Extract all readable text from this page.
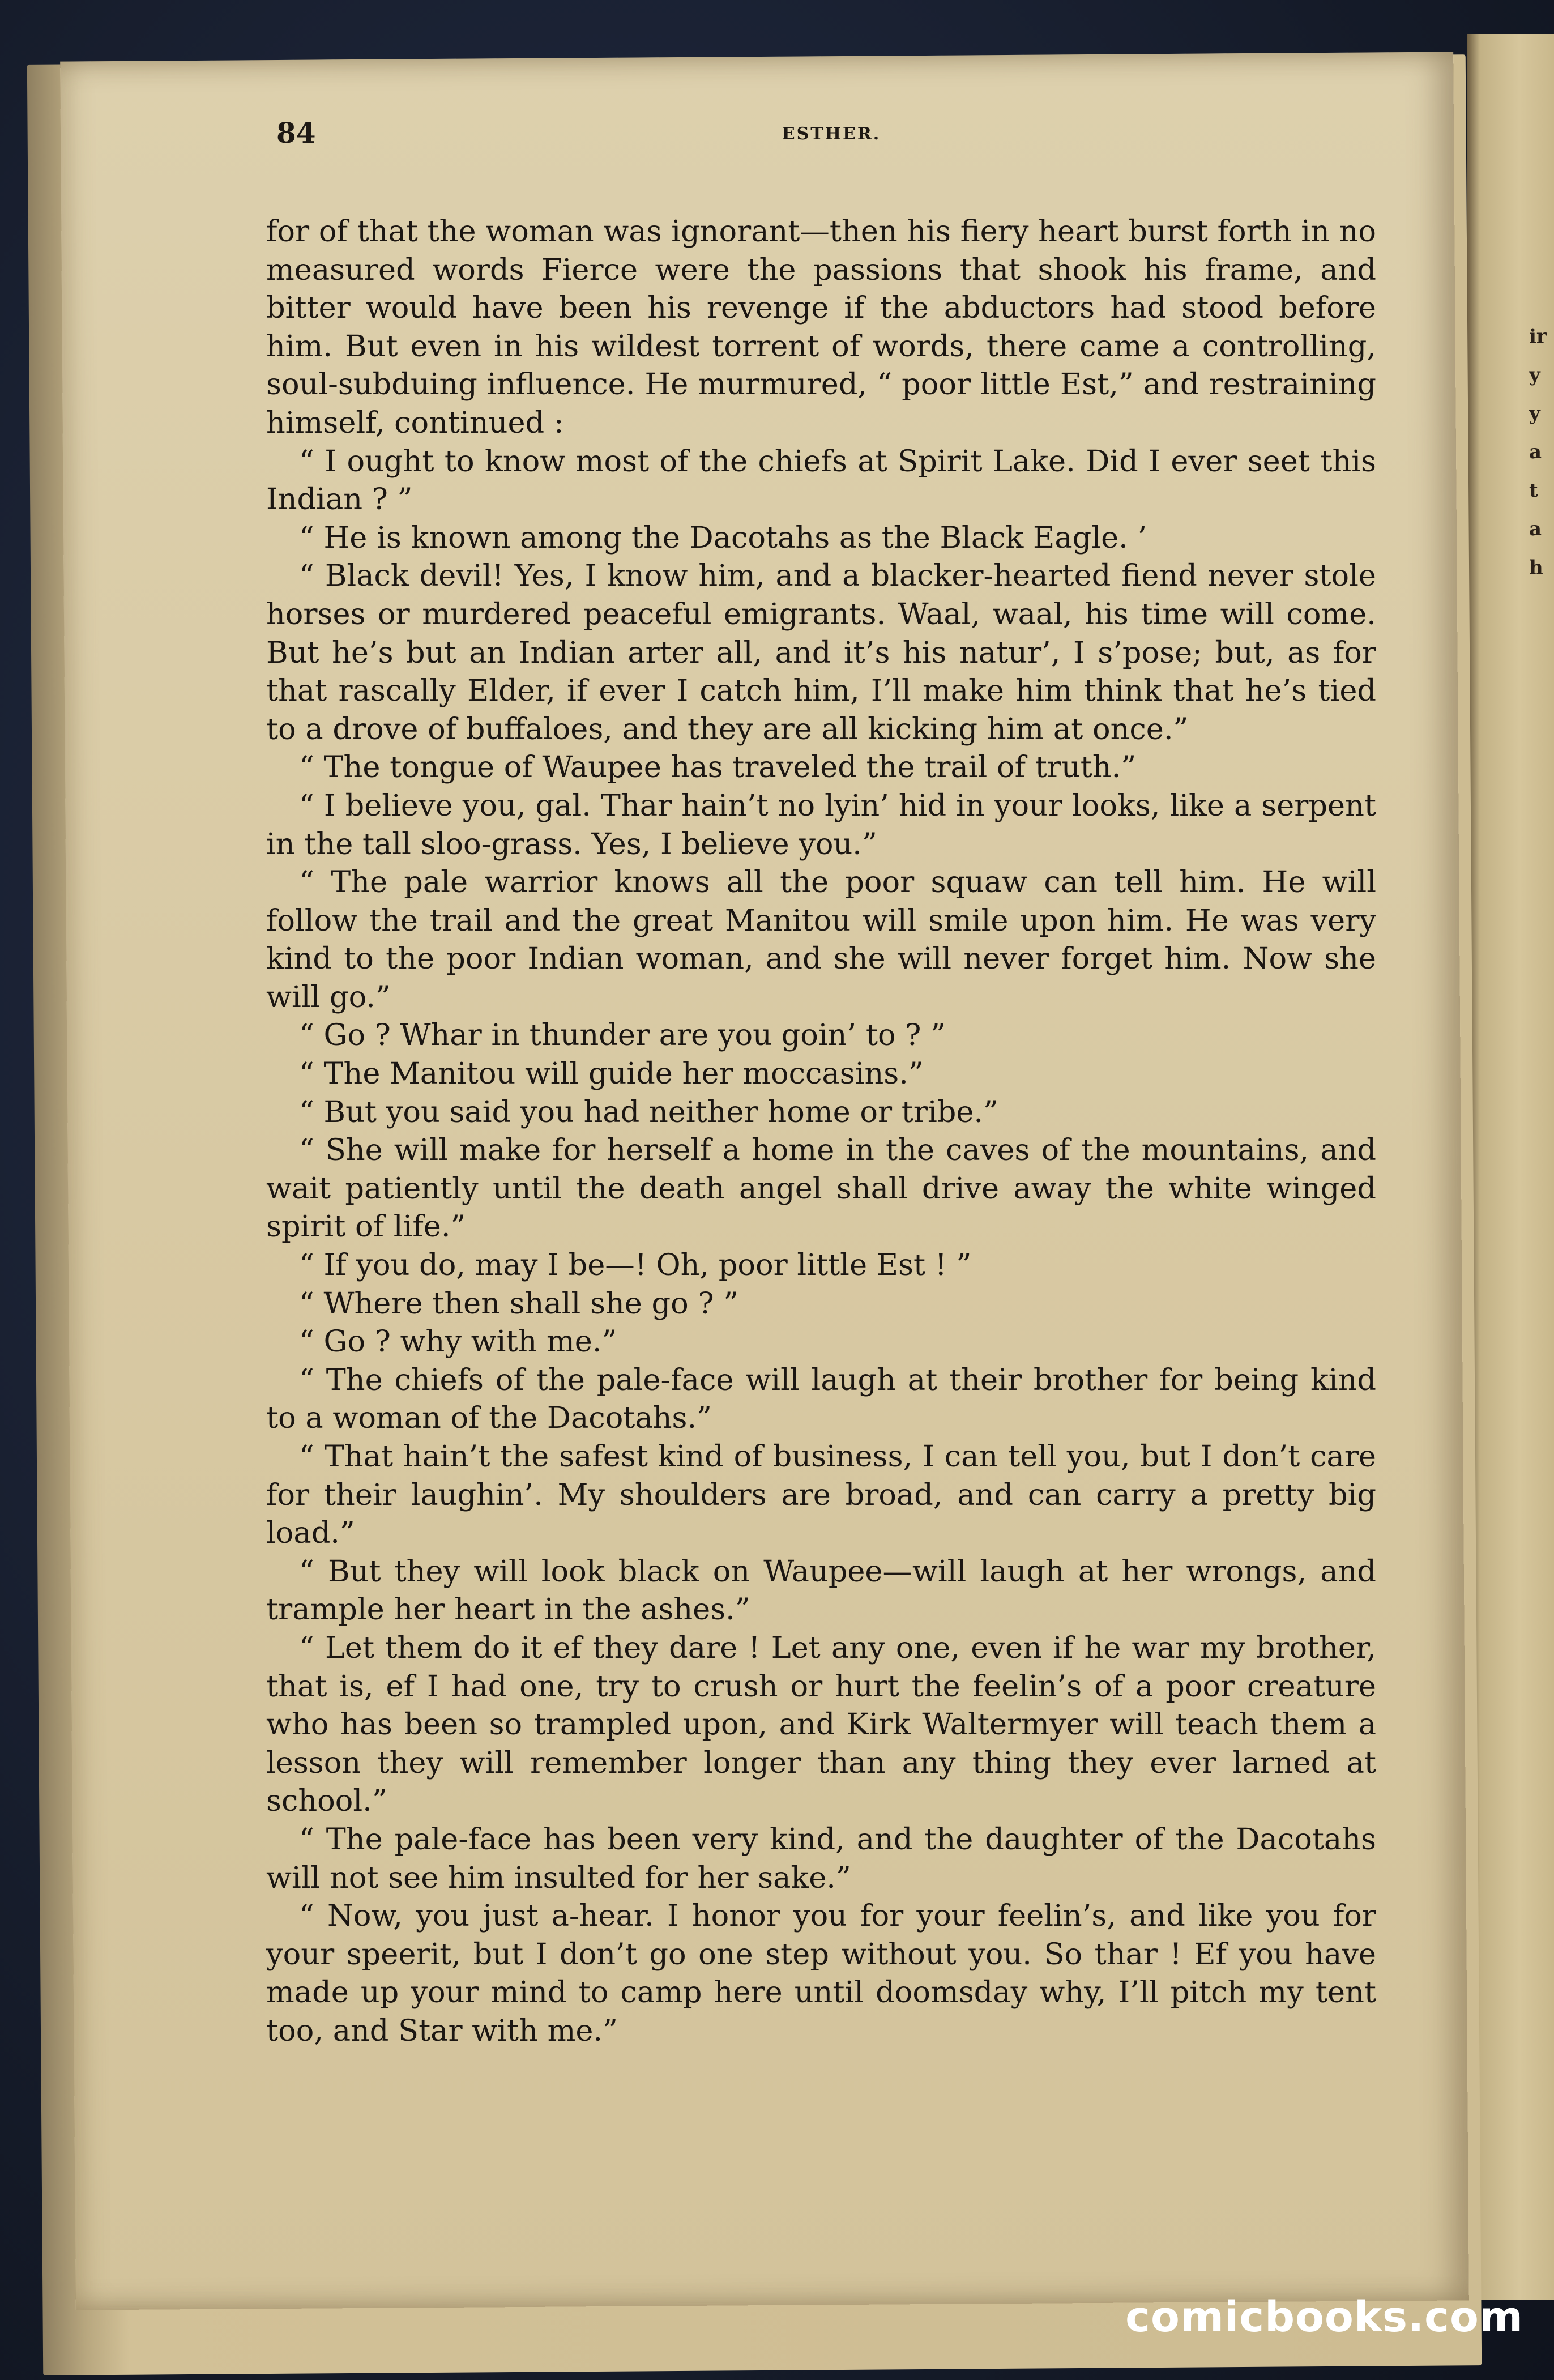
ir
y
y
a
t
a
h
84	ESTHER.

for of that the woman was ignorant—then his fiery heart burst forth in no measured words Fierce were the passions that shook his frame, and bitter would have been his revenge if the abductors had stood before him. But even in his wildest torrent of words, there came a controlling, soul-subduing influence. He murmured, “ poor little Est,” and restraining himself, continued :

“ I ought to know most of the chiefs at Spirit Lake. Did I ever seet this Indian ? ”

“ He is known among the Dacotahs as the Black Eagle. ’

“ Black devil! Yes, I know him, and a blacker-hearted fiend never stole horses or murdered peaceful emigrants. Waal, waal, his time will come. But he’s but an Indian arter all, and it’s his natur’, I s’pose; but, as for that rascally Elder, if ever I catch him, I’ll make him think that he’s tied to a drove of buffaloes, and they are all kicking him at once.”

“ The tongue of Waupee has traveled the trail of truth.”

“ I believe you, gal. Thar hain’t no lyin’ hid in your looks, like a serpent in the tall sloo-grass. Yes, I believe you.”

“ The pale warrior knows all the poor squaw can tell him. He will follow the trail and the great Manitou will smile upon him. He was very kind to the poor Indian woman, and she will never forget him. Now she will go.”

“ Go ? Whar in thunder are you goin’ to ? ”

“ The Manitou will guide her moccasins.”

“ But you said you had neither home or tribe.”

“ She will make for herself a home in the caves of the mountains, and wait patiently until the death angel shall drive away the white winged spirit of life.”

“ If you do, may I be—! Oh, poor little Est ! ”

“ Where then shall she go ? ”

“ Go ? why with me.”

“ The chiefs of the pale-face will laugh at their brother for being kind to a woman of the Dacotahs.”

“ That hain’t the safest kind of business, I can tell you, but I don’t care for their laughin’. My shoulders are broad, and can carry a pretty big load.”

“ But they will look black on Waupee—will laugh at her wrongs, and trample her heart in the ashes.”

“ Let them do it ef they dare ! Let any one, even if he war my brother, that is, ef I had one, try to crush or hurt the feelin’s of a poor creature who has been so trampled upon, and Kirk Waltermyer will teach them a lesson they will remember longer than any thing they ever larned at school.”

“ The pale-face has been very kind, and the daughter of the Dacotahs will not see him insulted for her sake.”

“ Now, you just a-hear. I honor you for your feelin’s, and like you for your speerit, but I don’t go one step without you. So thar ! Ef you have made up your mind to camp here until doomsday why, I’ll pitch my tent too, and Star with me.”

comicbooks.com
